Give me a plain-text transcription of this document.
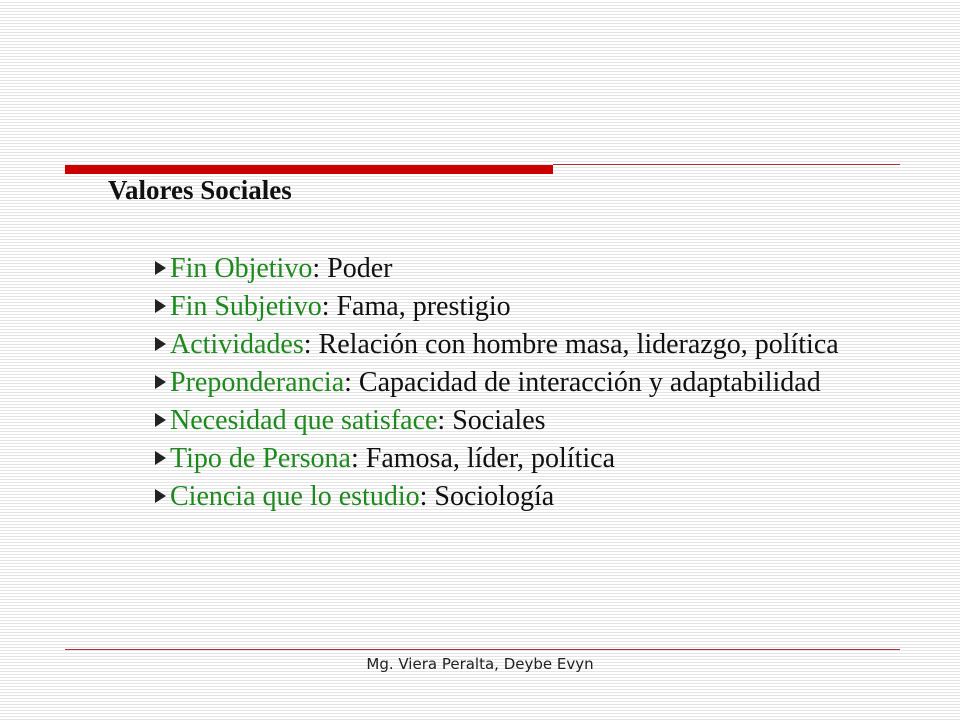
Valores Sociales
Fin Objetivo: Poder
Fin Subjetivo: Fama, prestigio
Actividades: Relación con hombre masa, liderazgo, política
Preponderancia: Capacidad de interacción y adaptabilidad
Necesidad que satisface: Sociales
Tipo de Persona: Famosa, líder, política
Ciencia que lo estudio: Sociología
Mg. Viera Peralta, Deybe Evyn
